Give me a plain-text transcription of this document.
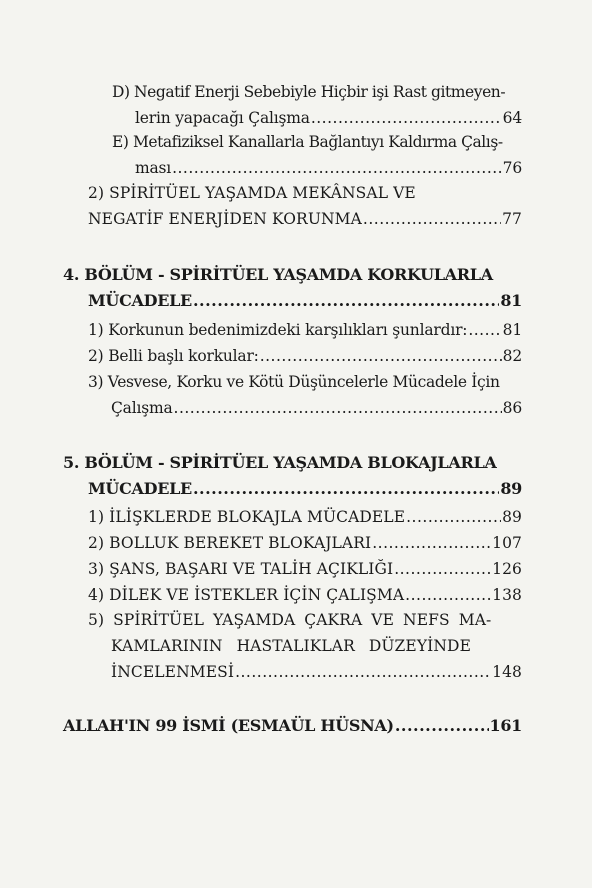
D) Negatif Enerji Sebebiyle Hiçbir işi Rast gitmeyen-
lerin yapacağı Çalışma .....	64
E) Metafiziksel Kanallarla Bağlantıyı Kaldırma Çalış-
ması .....	76
2) SPİRİTÜEL YAŞAMDA MEKÂNSAL VE
NEGATİF ENERJİDEN KORUNMA .....	77
4. BÖLÜM - SPİRİTÜEL YAŞAMDA KORKULARLA
MÜCADELE .....	81
1) Korkunun bedenimizdeki karşılıkları şunlardır: ..... 81
2) Belli başlı korkular: .....	82
3) Vesvese, Korku ve Kötü Düşüncelerle Mücadele İçin
Çalışma .....	86
5. BÖLÜM - SPİRİTÜEL YAŞAMDA BLOKAJLARLA
MÜCADELE .....	89
1) İLİŞKLERDE BLOKAJLA MÜCADELE .....	89
2) BOLLUK BEREKET BLOKAJLARI .....	107
3) ŞANS, BAŞARI VE TALİH AÇIKLIĞI .....	126
4) DİLEK VE İSTEKLER İÇİN ÇALIŞMA .....	138
5) SPİRİTÜEL YAŞAMDA ÇAKRA VE NEFS MA-
KAMLARININ HASTALIKLAR DÜZEYİNDE
İNCELENMESİ .....	148
ALLAH'IN 99 İSMİ (ESMAÜL HÜSNA) .....	161
